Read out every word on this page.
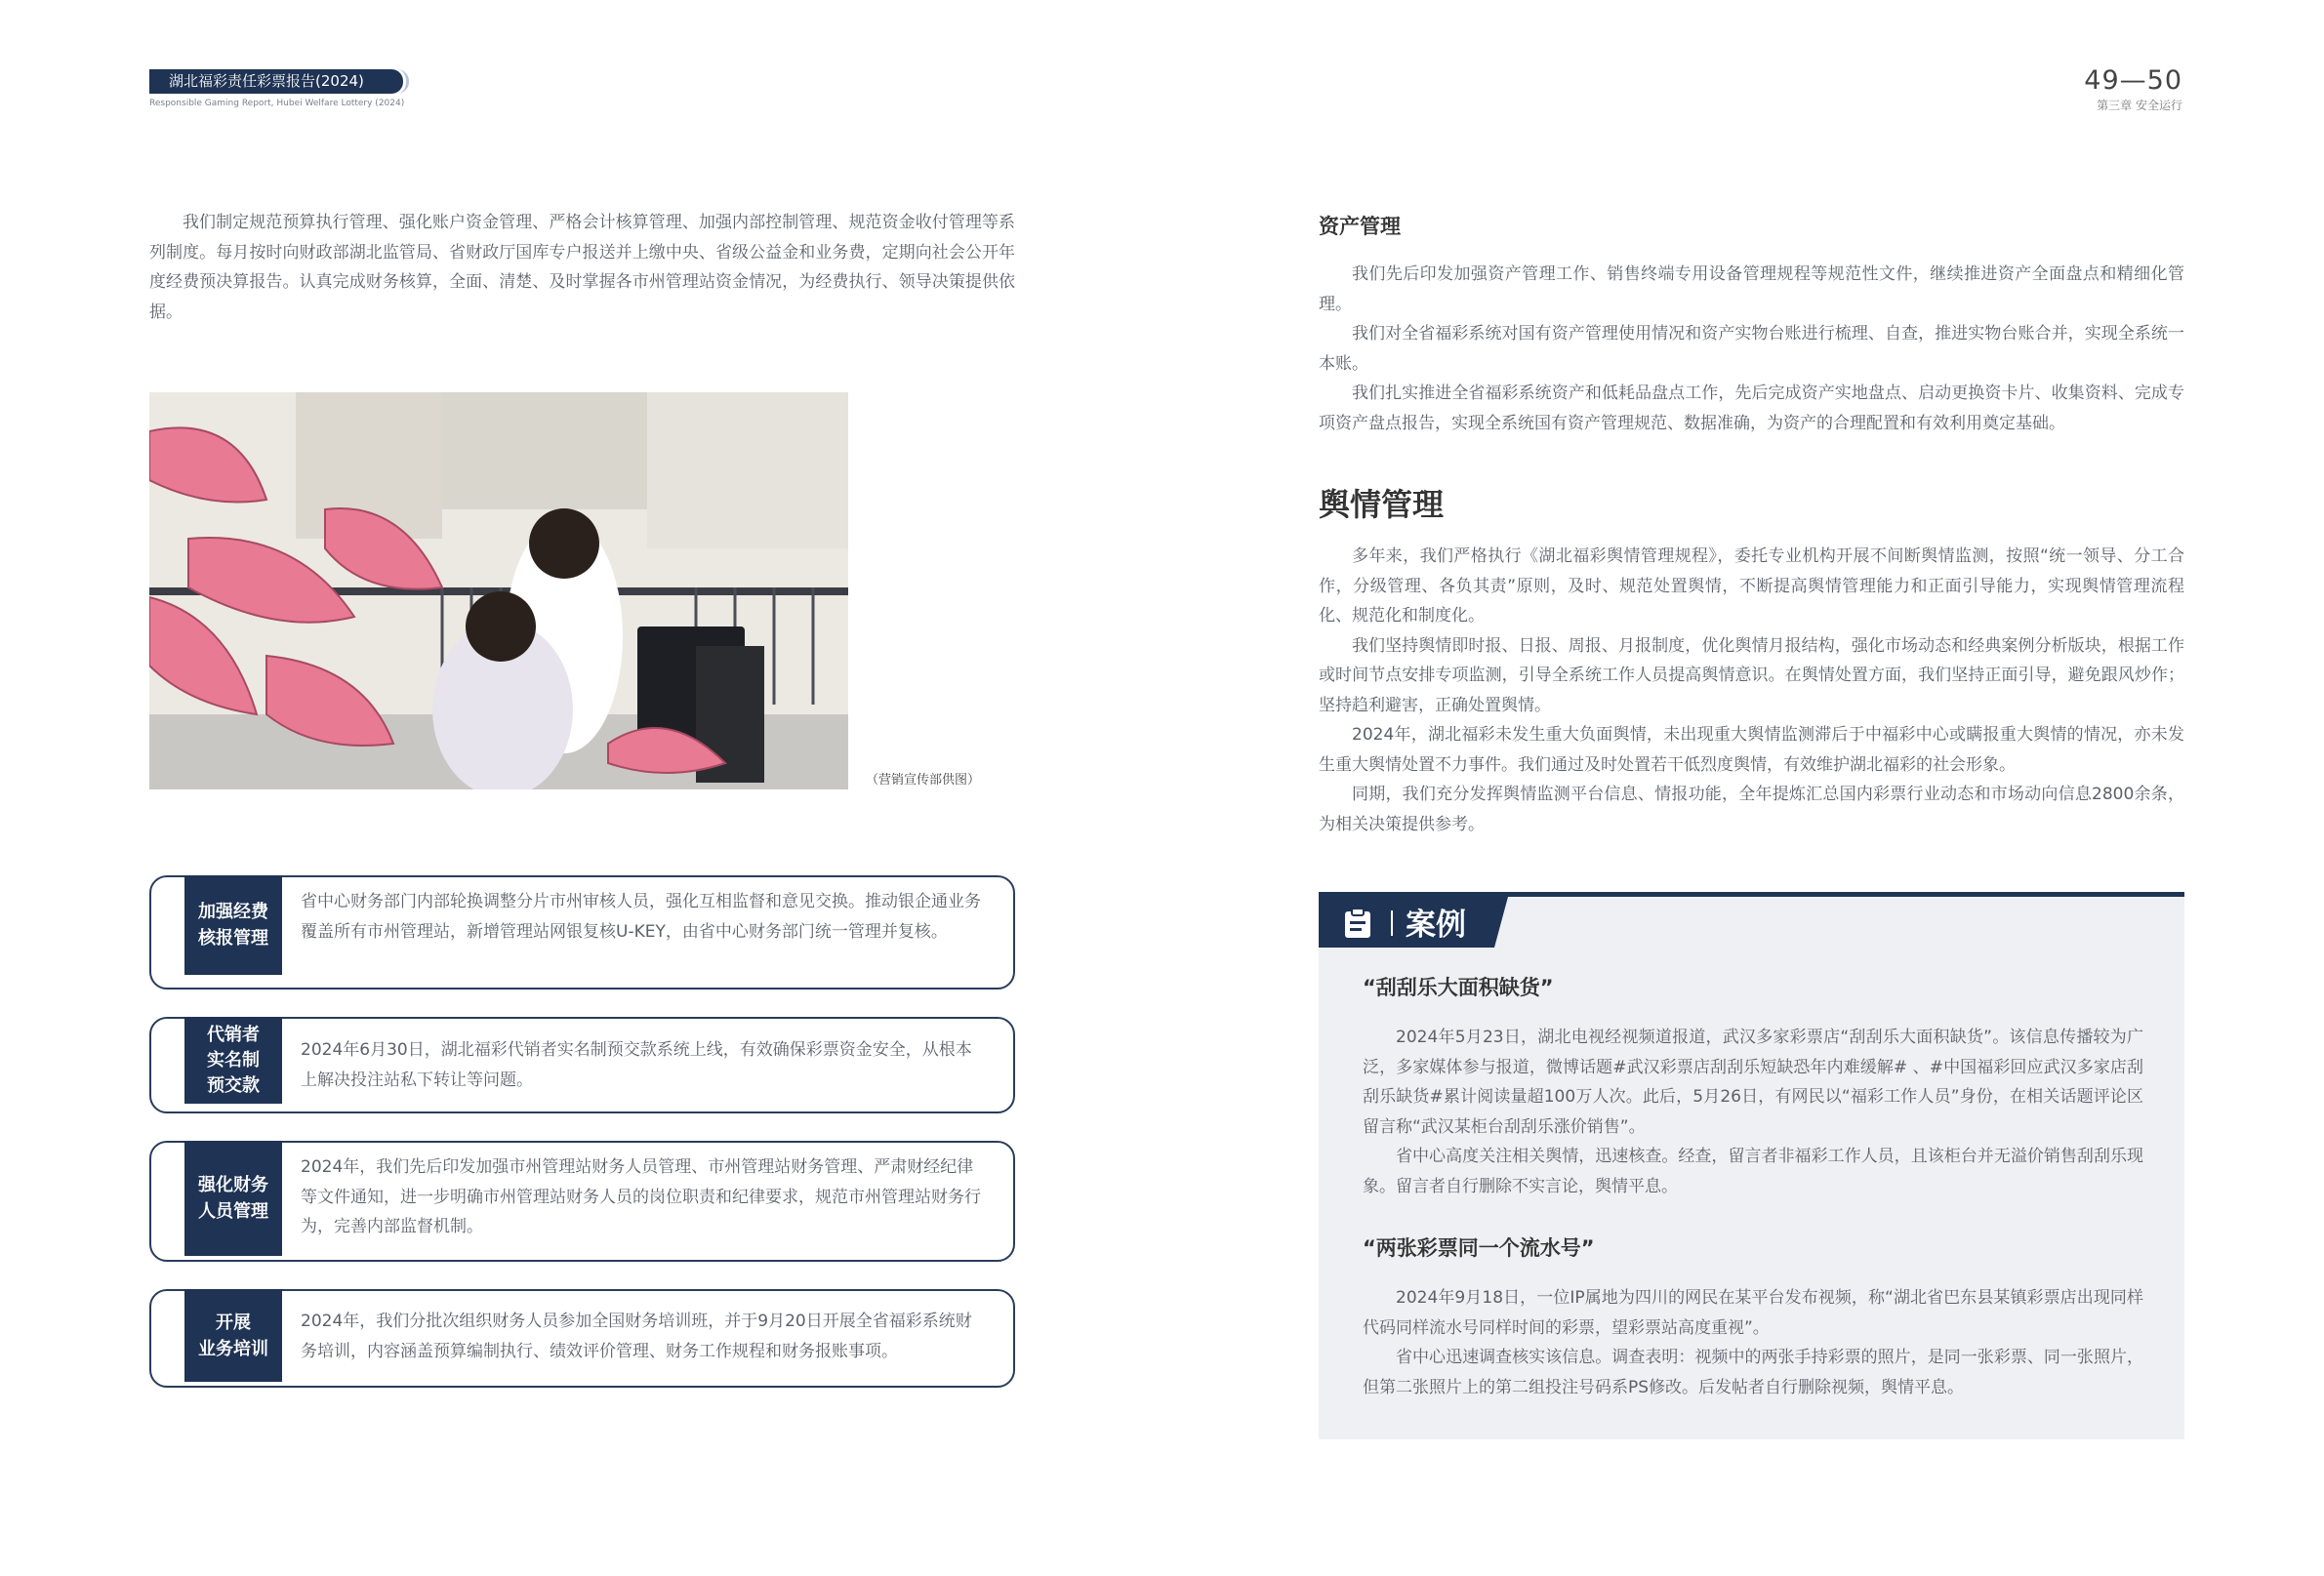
湖北福彩责任彩票报告(2024)
Responsible Gaming Report, Hubei Welfare Lottery (2024)
49—50
第三章 安全运行

我们制定规范预算执行管理、强化账户资金管理、严格会计核算管理、加强内部控制管理、规范资金收付管理等系列制度。每月按时向财政部湖北监管局、省财政厅国库专户报送并上缴中央、省级公益金和业务费，定期向社会公开年度经费预决算报告。认真完成财务核算，全面、清楚、及时掌握各市州管理站资金情况，为经费执行、领导决策提供依据。

（营销宣传部供图）
加强经费
核报管理
省中心财务部门内部轮换调整分片市州审核人员，强化互相监督和意见交换。推动银企通业务覆盖所有市州管理站，新增管理站网银复核U-KEY，由省中心财务部门统一管理并复核。
代销者
实名制
预交款
2024年6月30日，湖北福彩代销者实名制预交款系统上线，有效确保彩票资金安全，从根本上解决投注站私下转让等问题。
强化财务
人员管理
2024年，我们先后印发加强市州管理站财务人员管理、市州管理站财务管理、严肃财经纪律等文件通知，进一步明确市州管理站财务人员的岗位职责和纪律要求，规范市州管理站财务行为，完善内部监督机制。
开展
业务培训
2024年，我们分批次组织财务人员参加全国财务培训班，并于9月20日开展全省福彩系统财务培训，内容涵盖预算编制执行、绩效评价管理、财务工作规程和财务报账事项。
资产管理

我们先后印发加强资产管理工作、销售终端专用设备管理规程等规范性文件，继续推进资产全面盘点和精细化管理。

我们对全省福彩系统对国有资产管理使用情况和资产实物台账进行梳理、自查，推进实物台账合并，实现全系统一本账。

我们扎实推进全省福彩系统资产和低耗品盘点工作，先后完成资产实地盘点、启动更换资卡片、收集资料、完成专项资产盘点报告，实现全系统国有资产管理规范、数据准确，为资产的合理配置和有效利用奠定基础。

舆情管理

多年来，我们严格执行《湖北福彩舆情管理规程》，委托专业机构开展不间断舆情监测，按照“统一领导、分工合作，分级管理、各负其责”原则，及时、规范处置舆情，不断提高舆情管理能力和正面引导能力，实现舆情管理流程化、规范化和制度化。

我们坚持舆情即时报、日报、周报、月报制度，优化舆情月报结构，强化市场动态和经典案例分析版块，根据工作或时间节点安排专项监测，引导全系统工作人员提高舆情意识。在舆情处置方面，我们坚持正面引导，避免跟风炒作；坚持趋利避害，正确处置舆情。

2024年，湖北福彩未发生重大负面舆情，未出现重大舆情监测滞后于中福彩中心或瞒报重大舆情的情况，亦未发生重大舆情处置不力事件。我们通过及时处置若干低烈度舆情，有效维护湖北福彩的社会形象。

同期，我们充分发挥舆情监测平台信息、情报功能，全年提炼汇总国内彩票行业动态和市场动向信息2800余条，为相关决策提供参考。

案例
“刮刮乐大面积缺货”

2024年5月23日，湖北电视经视频道报道，武汉多家彩票店“刮刮乐大面积缺货”。该信息传播较为广泛，多家媒体参与报道，微博话题#武汉彩票店刮刮乐短缺恐年内难缓解# 、#中国福彩回应武汉多家店刮刮乐缺货#累计阅读量超100万人次。此后，5月26日，有网民以“福彩工作人员”身份，在相关话题评论区留言称“武汉某柜台刮刮乐涨价销售”。

省中心高度关注相关舆情，迅速核查。经查，留言者非福彩工作人员，且该柜台并无溢价销售刮刮乐现象。留言者自行删除不实言论，舆情平息。

“两张彩票同一个流水号”

2024年9月18日，一位IP属地为四川的网民在某平台发布视频，称“湖北省巴东县某镇彩票店出现同样代码同样流水号同样时间的彩票，望彩票站高度重视”。

省中心迅速调查核实该信息。调查表明：视频中的两张手持彩票的照片，是同一张彩票、同一张照片，但第二张照片上的第二组投注号码系PS修改。后发帖者自行删除视频，舆情平息。
